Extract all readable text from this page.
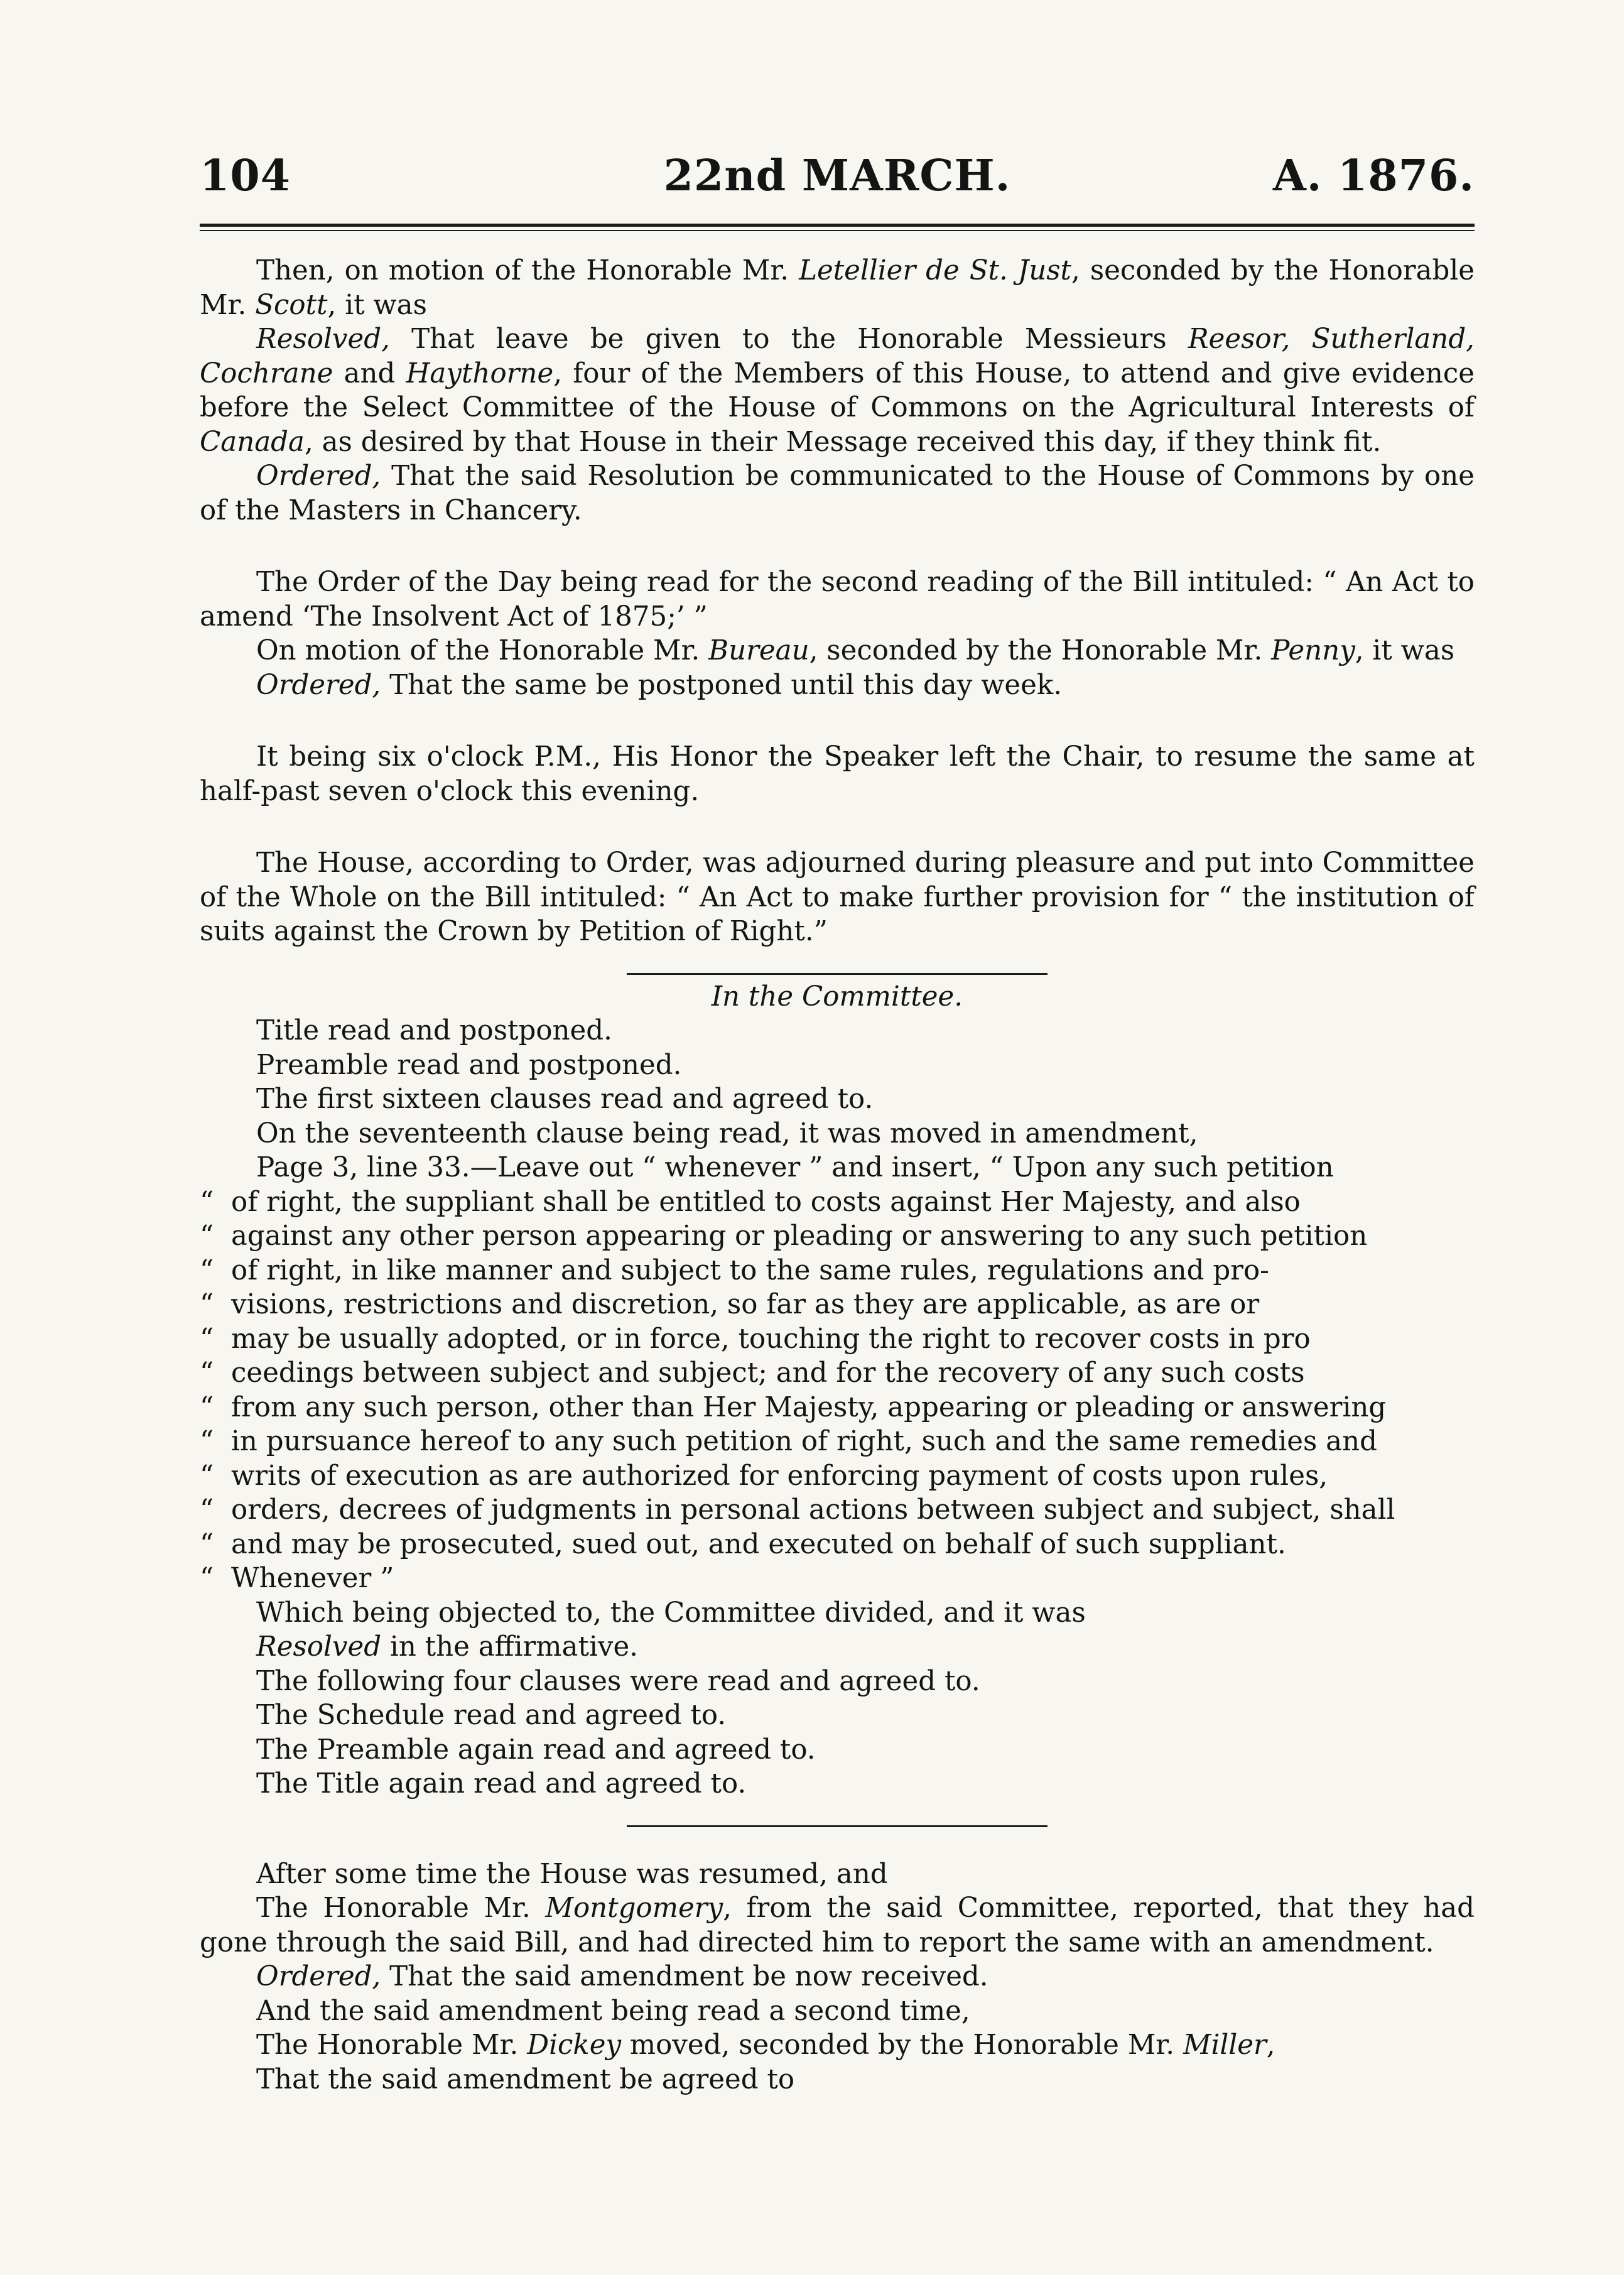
104	22nd MARCH.	A. 1876.

Then, on motion of the Honorable Mr. Letellier de St. Just, seconded by the Honorable Mr. Scott, it was

Resolved, That leave be given to the Honorable Messieurs Reesor, Sutherland, Cochrane and Haythorne, four of the Members of this House, to attend and give evidence before the Select Committee of the House of Commons on the Agricultural Interests of Canada, as desired by that House in their Message received this day, if they think fit.

Ordered, That the said Resolution be communicated to the House of Commons by one of the Masters in Chancery.

The Order of the Day being read for the second reading of the Bill intituled: “ An Act to amend ‘The Insolvent Act of 1875;’ ”

On motion of the Honorable Mr. Bureau, seconded by the Honorable Mr. Penny, it was

Ordered, That the same be postponed until this day week.

It being six o'clock P.M., His Honor the Speaker left the Chair, to resume the same at half-past seven o'clock this evening.

The House, according to Order, was adjourned during pleasure and put into Committee of the Whole on the Bill intituled: “ An Act to make further provision for “ the institution of suits against the Crown by Petition of Right.”

In the Committee.

Title read and postponed.

Preamble read and postponed.

The first sixteen clauses read and agreed to.

On the seventeenth clause being read, it was moved in amendment,

Page 3, line 33.—Leave out “ whenever ” and insert, “ Upon any such petition
“ of right, the suppliant shall be entitled to costs against Her Majesty, and also
“ against any other person appearing or pleading or answering to any such petition
“ of right, in like manner and subject to the same rules, regulations and pro-
“ visions, restrictions and discretion, so far as they are applicable, as are or
“ may be usually adopted, or in force, touching the right to recover costs in pro
“ ceedings between subject and subject; and for the recovery of any such costs
“ from any such person, other than Her Majesty, appearing or pleading or answering
“ in pursuance hereof to any such petition of right, such and the same remedies and
“ writs of execution as are authorized for enforcing payment of costs upon rules,
“ orders, decrees of judgments in personal actions between subject and subject, shall
“ and may be prosecuted, sued out, and executed on behalf of such suppliant.
“ Whenever ”

Which being objected to, the Committee divided, and it was

Resolved in the affirmative.

The following four clauses were read and agreed to.

The Schedule read and agreed to.

The Preamble again read and agreed to.

The Title again read and agreed to.

After some time the House was resumed, and

The Honorable Mr. Montgomery, from the said Committee, reported, that they had gone through the said Bill, and had directed him to report the same with an amendment.

Ordered, That the said amendment be now received.

And the said amendment being read a second time,

The Honorable Mr. Dickey moved, seconded by the Honorable Mr. Miller,

That the said amendment be agreed to
